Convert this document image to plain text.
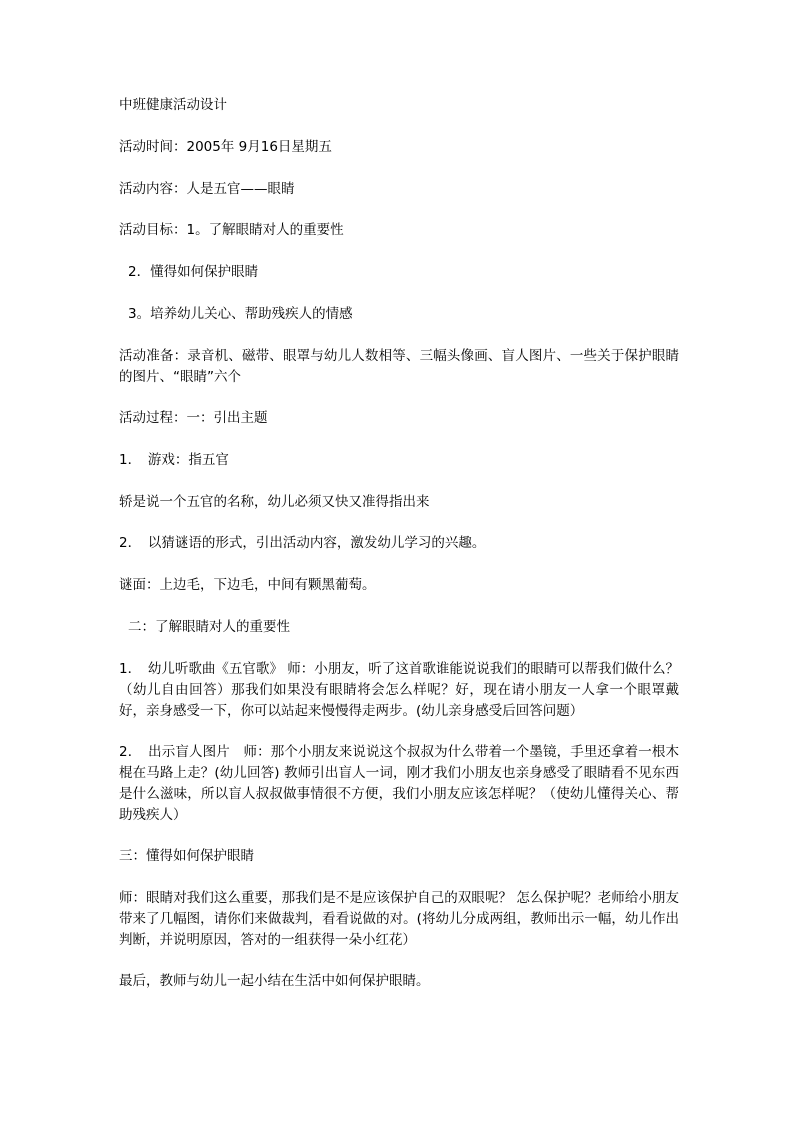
中班健康活动设计

活动时间：2005年 9月16日星期五

活动内容：人是五官——眼睛

活动目标：1。了解眼睛对人的重要性

2．懂得如何保护眼睛

3。培养幼儿关心、帮助残疾人的情感

活动准备：录音机、磁带、眼罩与幼儿人数相等、三幅头像画、盲人图片、一些关于保护眼睛的图片、“眼睛”六个

活动过程：一：引出主题

1．　游戏：指五官

轿是说一个五官的名称，幼儿必须又快又准得指出来

2．　以猜谜语的形式，引出活动内容，激发幼儿学习的兴趣。

谜面：上边毛，下边毛，中间有颗黑葡萄。

二：了解眼睛对人的重要性

1．　幼儿听歌曲《五官歌》 师：小朋友，听了这首歌谁能说说我们的眼睛可以帮我们做什么？（幼儿自由回答）那我们如果没有眼睛将会怎么样呢？好，现在请小朋友一人拿一个眼罩戴好，亲身感受一下，你可以站起来慢慢得走两步。(幼儿亲身感受后回答问题）

2．　出示盲人图片　师：那个小朋友来说说这个叔叔为什么带着一个墨镜，手里还拿着一根木棍在马路上走？(幼儿回答) 教师引出盲人一词，刚才我们小朋友也亲身感受了眼睛看不见东西是什么滋味，所以盲人叔叔做事情很不方便，我们小朋友应该怎样呢？（使幼儿懂得关心、帮助残疾人）

三：懂得如何保护眼睛

师：眼睛对我们这么重要，那我们是不是应该保护自己的双眼呢？ 怎么保护呢？老师给小朋友带来了几幅图，请你们来做裁判，看看说做的对。(将幼儿分成两组，教师出示一幅，幼儿作出判断，并说明原因，答对的一组获得一朵小红花）

最后，教师与幼儿一起小结在生活中如何保护眼睛。
